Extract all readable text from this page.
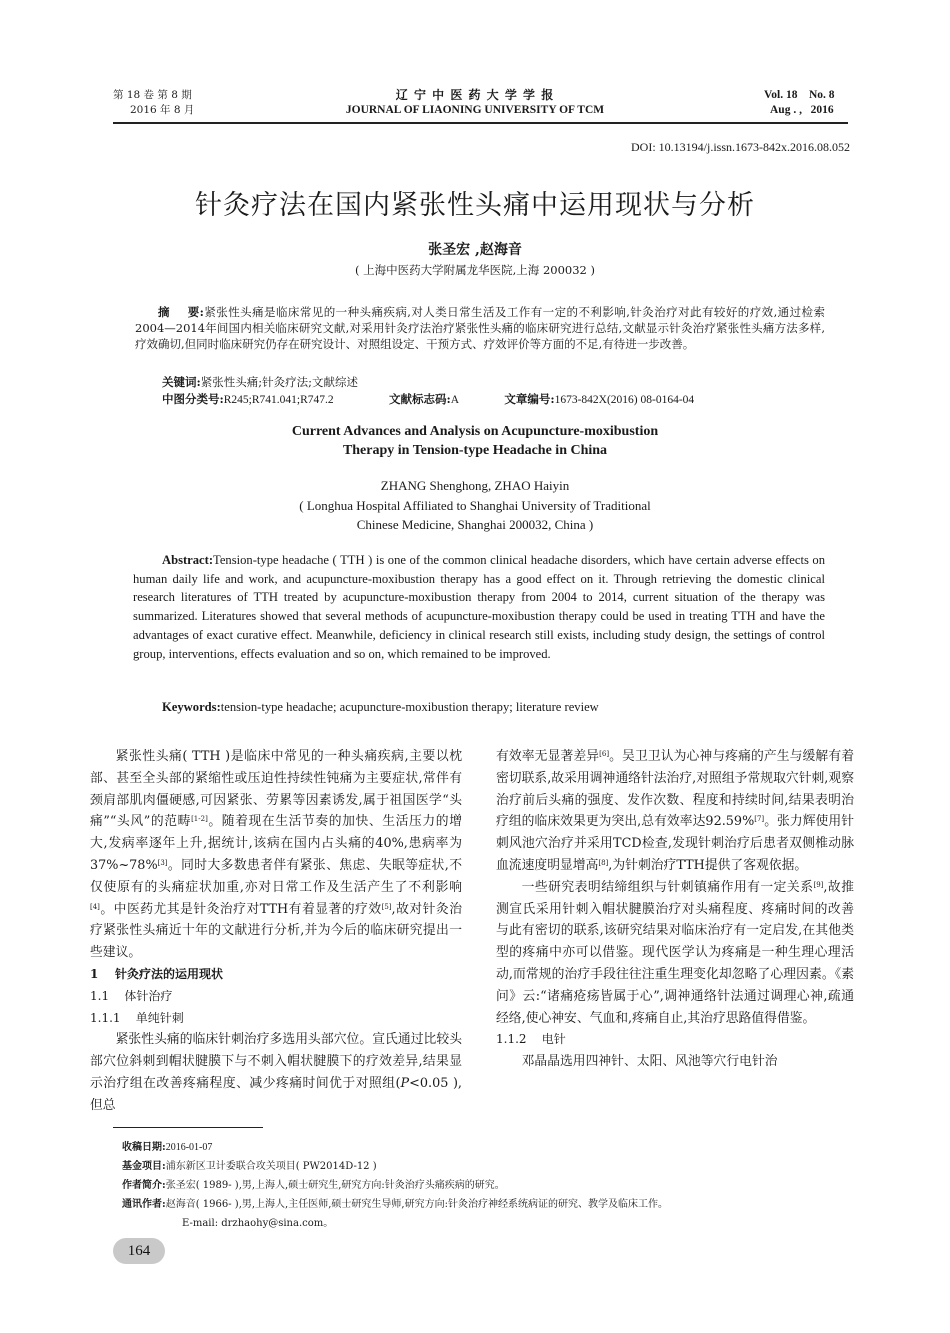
第 18 卷 第 8 期
2016 年 8 月
辽 宁 中 医 药 大 学 学 报
JOURNAL OF LIAONING UNIVERSITY OF TCM
Vol. 18    No. 8
Aug . ,   2016
DOI: 10.13194/j.issn.1673-842x.2016.08.052
针灸疗法在国内紧张性头痛中运用现状与分析
张圣宏 ,赵海音
( 上海中医药大学附属龙华医院,上海 200032 )
摘    要:紧张性头痛是临床常见的一种头痛疾病,对人类日常生活及工作有一定的不利影响,针灸治疗对此有较好的疗效,通过检索2004—2014年间国内相关临床研究文献,对采用针灸疗法治疗紧张性头痛的临床研究进行总结,文献显示针灸治疗紧张性头痛方法多样,疗效确切,但同时临床研究仍存在研究设计、对照组设定、干预方式、疗效评价等方面的不足,有待进一步改善。
关键词:紧张性头痛;针灸疗法;文献综述
中图分类号:R245;R741.041;R747.2	文献标志码:A	文章编号:1673-842X(2016) 08-0164-04
Current Advances and Analysis on Acupuncture-moxibustion
Therapy in Tension-type Headache in China
ZHANG Shenghong, ZHAO Haiyin
( Longhua Hospital Affiliated to Shanghai University of Traditional
Chinese Medicine, Shanghai 200032, China )
Abstract:Tension-type headache ( TTH ) is one of the common clinical headache disorders, which have certain adverse effects on human daily life and work, and acupuncture-moxibustion therapy has a good effect on it. Through retrieving the domestic clinical research literatures of TTH treated by acupuncture-moxibustion therapy from 2004 to 2014, current situation of the therapy was summarized. Literatures showed that several methods of acupuncture-moxibustion therapy could be used in treating TTH and have the advantages of exact curative effect. Meanwhile, deficiency in clinical research still exists, including study design, the settings of control group, interventions, effects evaluation and so on, which remained to be improved.
Keywords:tension-type headache; acupuncture-moxibustion therapy; literature review

紧张性头痛( TTH )是临床中常见的一种头痛疾病,主要以枕部、甚至全头部的紧缩性或压迫性持续性钝痛为主要症状,常伴有颈肩部肌肉僵硬感,可因紧张、劳累等因素诱发,属于祖国医学“头痛”“头风”的范畴[1-2]。随着现在生活节奏的加快、生活压力的增大,发病率逐年上升,据统计,该病在国内占头痛的40%,患病率为37%~78%[3]。同时大多数患者伴有紧张、焦虑、失眠等症状,不仅使原有的头痛症状加重,亦对日常工作及生活产生了不利影响[4]。中医药尤其是针灸治疗对TTH有着显著的疗效[5],故对针灸治疗紧张性头痛近十年的文献进行分析,并为今后的临床研究提出一些建议。

1    针灸疗法的运用现状

1.1    体针治疗

1.1.1    单纯针刺

紧张性头痛的临床针刺治疗多选用头部穴位。宣氏通过比较头部穴位斜刺到帽状腱膜下与不刺入帽状腱膜下的疗效差异,结果显示治疗组在改善疼痛程度、减少疼痛时间优于对照组(P<0.05 ),但总

有效率无显著差异[6]。吴卫卫认为心神与疼痛的产生与缓解有着密切联系,故采用调神通络针法治疗,对照组予常规取穴针刺,观察治疗前后头痛的强度、发作次数、程度和持续时间,结果表明治疗组的临床效果更为突出,总有效率达92.59%[7]。张力辉使用针刺风池穴治疗并采用TCD检查,发现针刺治疗后患者双侧椎动脉血流速度明显增高[8],为针刺治疗TTH提供了客观依据。

一些研究表明结缔组织与针刺镇痛作用有一定关系[9],故推测宣氏采用针刺入帽状腱膜治疗对头痛程度、疼痛时间的改善与此有密切的联系,该研究结果对临床治疗有一定启发,在其他类型的疼痛中亦可以借鉴。现代医学认为疼痛是一种生理心理活动,而常规的治疗手段往往注重生理变化却忽略了心理因素。《素问》云:“诸痛疮疡皆属于心”,调神通络针法通过调理心神,疏通经络,使心神安、气血和,疼痛自止,其治疗思路值得借鉴。

1.1.2    电针

邓晶晶选用四神针、太阳、风池等穴行电针治

收稿日期:2016-01-07
基金项目:浦东新区卫计委联合攻关项目( PW2014D-12 )
作者简介:张圣宏( 1989- ),男,上海人,硕士研究生,研究方向:针灸治疗头痛疾病的研究。
通讯作者:赵海音( 1966- ),男,上海人,主任医师,硕士研究生导师,研究方向:针灸治疗神经系统病证的研究、教学及临床工作。
E-mail: drzhaohy@sina.com。
164
